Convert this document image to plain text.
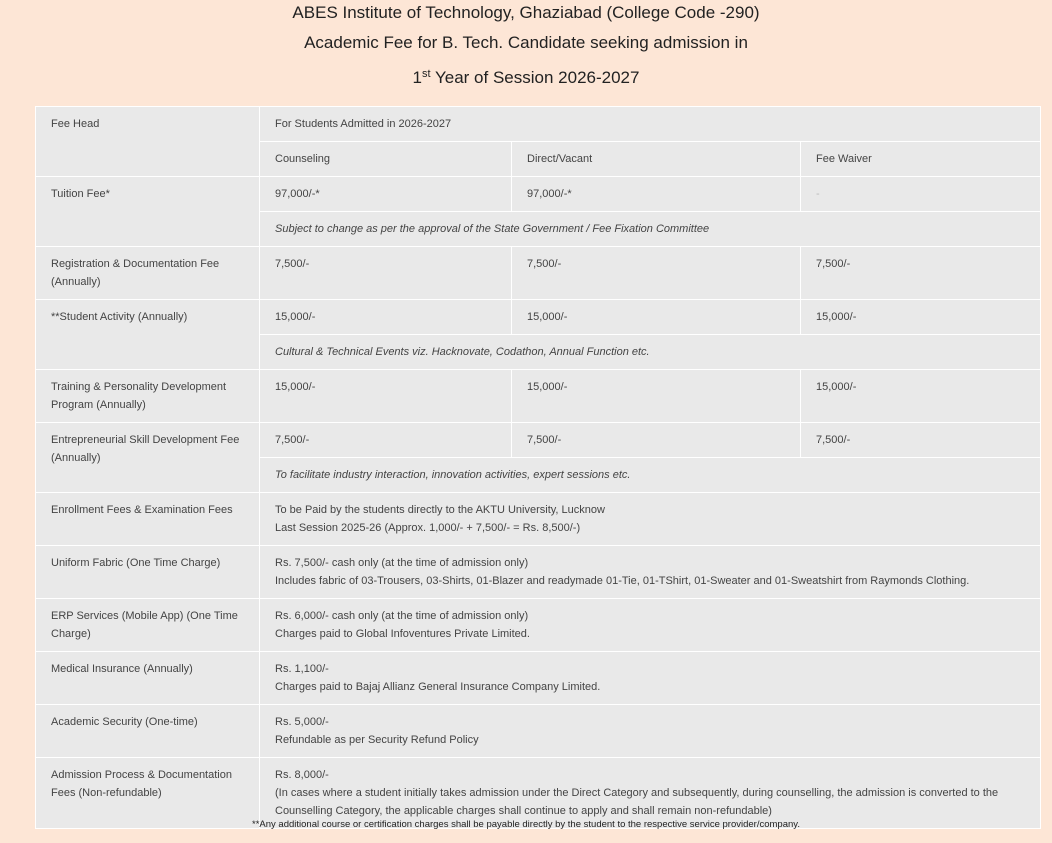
ABES Institute of Technology, Ghaziabad (College Code -290)
Academic Fee for B. Tech. Candidate seeking admission in
1st Year of Session 2026-2027
Fee Head	For Students Admitted in 2026-2027		
	Counseling	Direct/Vacant	Fee Waiver
Tuition Fee*	97,000/-*	97,000/-*	-
	Subject to change as per the approval of the State Government / Fee Fixation Committee		
Registration & Documentation Fee (Annually)	7,500/-	7,500/-	7,500/-
**Student Activity (Annually)	15,000/-	15,000/-	15,000/-
	Cultural & Technical Events viz. Hacknovate, Codathon, Annual Function etc.		
Training & Personality Development Program (Annually)	15,000/-	15,000/-	15,000/-
Entrepreneurial Skill Development Fee (Annually)	7,500/-	7,500/-	7,500/-
	To facilitate industry interaction, innovation activities, expert sessions etc.		
Enrollment Fees & Examination Fees	To be Paid by the students directly to the AKTU University, Lucknow
Last Session 2025-26 (Approx. 1,000/- + 7,500/- = Rs. 8,500/-)		

Uniform Fabric (One Time Charge)	Rs. 7,500/- cash only (at the time of admission only)
Includes fabric of 03-Trousers, 03-Shirts, 01-Blazer and readymade 01-Tie, 01-TShirt, 01-Sweater and 01-Sweatshirt from Raymonds Clothing.		

ERP Services (Mobile App) (One Time Charge)	Rs. 6,000/- cash only (at the time of admission only)
Charges paid to Global Infoventures Private Limited.		

Medical Insurance (Annually)	Rs. 1,100/-
Charges paid to Bajaj Allianz General Insurance Company Limited.		

Academic Security (One-time)	Rs. 5,000/-
Refundable as per Security Refund Policy		

Admission Process & Documentation Fees (Non-refundable)	Rs. 8,000/-
(In cases where a student initially takes admission under the Direct Category and subsequently, during counselling, the admission is converted to the Counselling Category, the applicable charges shall continue to apply and shall remain non-refundable)		
**Any additional course or certification charges shall be payable directly by the student to the respective service provider/company.
